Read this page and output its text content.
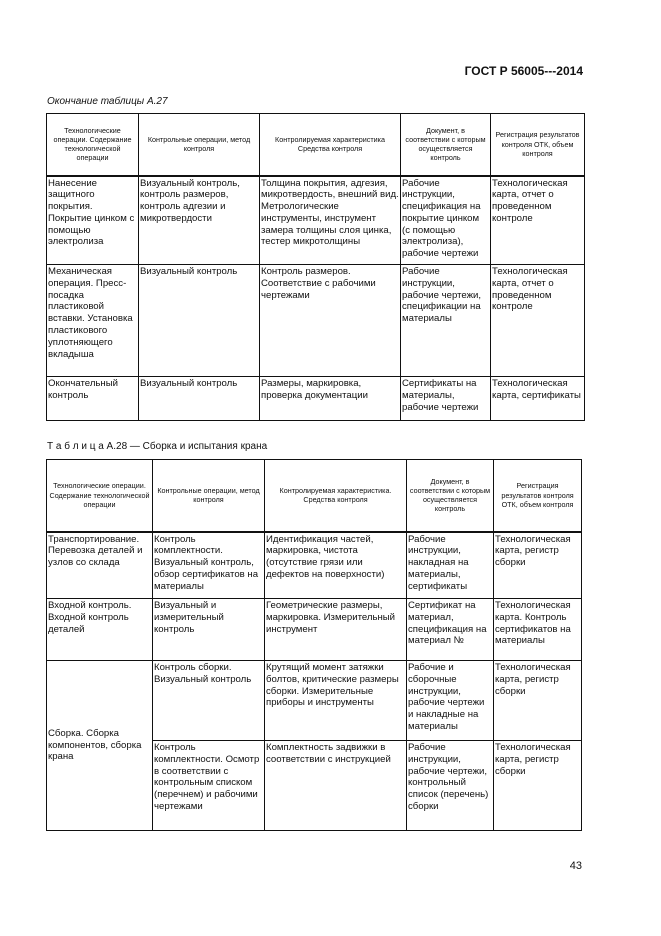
ГОСТ Р 56005---2014
Окончание таблицы А.27
Технологические операции. Содержание технологической операции	Контрольные операции, метод контроля	Контролируемая характеристика Средства контроля	Документ, в соответствии с которым осуществляется контроль	Регистрация результатов контроля ОТК, объем контроля
Нанесение защитного покрытия. Покрытие цинком с помощью электролиза	Визуальный контроль, контроль размеров, контроль адгезии и микротвердости	Толщина покрытия, адгезия, микротвердость, внешний вид. Метрологические инструменты, инструмент замера толщины слоя цинка, тестер микротолщины	Рабочие инструкции, спецификация на покрытие цинком (с помощью электролиза), рабочие чертежи	Технологическая карта, отчет о проведенном контроле
Механическая операция. Пресс-посадка пластиковой вставки. Установка пластикового уплотняющего вкладыша	Визуальный контроль	Контроль размеров. Соответствие с рабочими чертежами	Рабочие инструкции, рабочие чертежи, спецификации на материалы	Технологическая карта, отчет о проведенном контроле
Окончательный контроль	Визуальный контроль	Размеры, маркировка, проверка документации	Сертификаты на материалы, рабочие чертежи	Технологическая карта, сертификаты
Т а б л и ц а А.28 — Сборка и испытания крана
Технологические операции. Содержание технологической операции	Контрольные операции, метод контроля	Контролируемая характеристика. Средства контроля	Документ, в соответствии с которым осуществляется контроль	Регистрация результатов контроля ОТК, объем контроля
Транспортирование. Перевозка деталей и узлов со склада	Контроль комплектности. Визуальный контроль, обзор сертификатов на материалы	Идентификация частей, маркировка, чистота (отсутствие грязи или дефектов на поверхности)	Рабочие инструкции, накладная на материалы, сертификаты	Технологическая карта, регистр сборки
Входной контроль. Входной контроль деталей	Визуальный и измерительный контроль	Геометрические размеры, маркировка. Измерительный инструмент	Сертификат на материал, спецификация на материал №	Технологическая карта. Контроль сертификатов на материалы
Сборка. Сборка компонентов, сборка крана	Контроль сборки. Визуальный контроль	Крутящий момент затяжки болтов, критические размеры сборки. Измерительные приборы и инструменты	Рабочие и сборочные инструкции, рабочие чертежи и накладные на материалы	Технологическая карта, регистр сборки
	Контроль комплектности. Осмотр в соответствии с контрольным списком (перечнем) и рабочими чертежами	Комплектность задвижки в соответствии с инструкцией	Рабочие инструкции, рабочие чертежи, контрольный список (перечень) сборки	Технологическая карта, регистр сборки
43
